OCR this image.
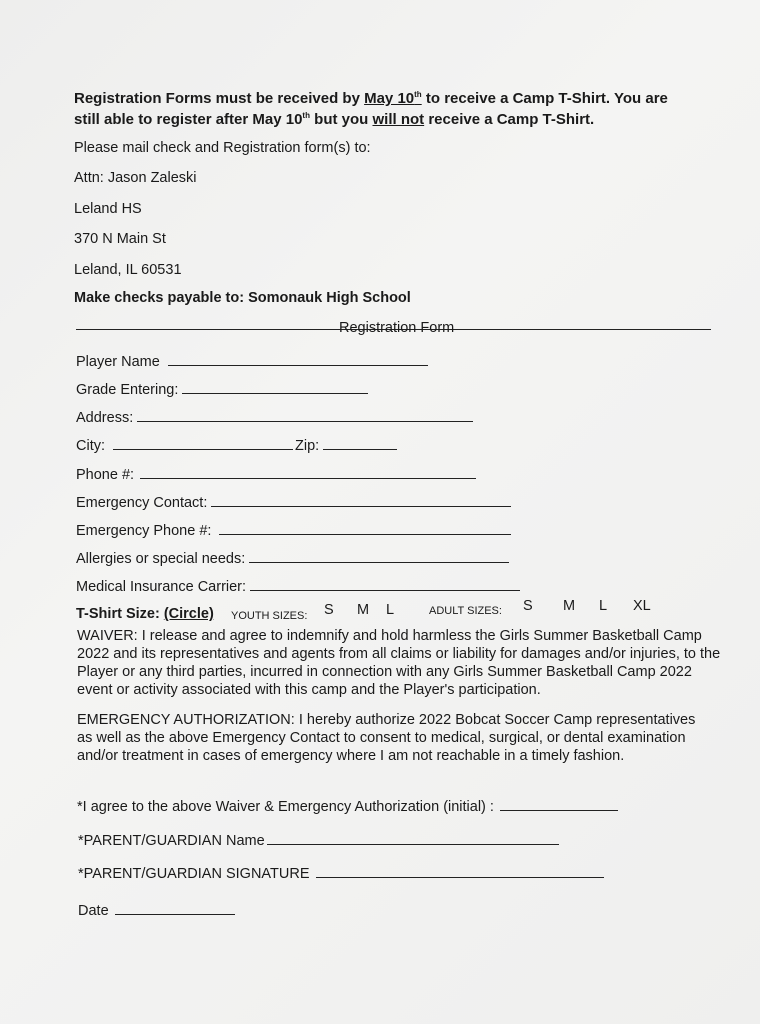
Registration Forms must be received by May 10th to receive a Camp T-Shirt. You are
still able to register after May 10th but you will not receive a Camp T-Shirt.
Please mail check and Registration form(s) to:
Attn: Jason Zaleski
Leland HS
370 N Main St
Leland, IL 60531
Make checks payable to: Somonauk High School
Registration Form
Player Name
Grade Entering:
Address:
City:	Zip:
Phone #:
Emergency Contact:
Emergency Phone #:
Allergies or special needs:
Medical Insurance Carrier:
T-Shirt Size: (Circle) YOUTH SIZES: S M L	ADULT SIZES: S M L XL
WAIVER: I release and agree to indemnify and hold harmless the Girls Summer Basketball Camp 2022 and its representatives and agents from all claims or liability for damages and/or injuries, to the Player or any third parties, incurred in connection with any Girls Summer Basketball Camp 2022 event or activity associated with this camp and the Player's participation.
EMERGENCY AUTHORIZATION: I hereby authorize 2022 Bobcat Soccer Camp representatives as well as the above Emergency Contact to consent to medical, surgical, or dental examination and/or treatment in cases of emergency where I am not reachable in a timely fashion.
*I agree to the above Waiver & Emergency Authorization (initial) :
*PARENT/GUARDIAN Name
*PARENT/GUARDIAN SIGNATURE
Date
